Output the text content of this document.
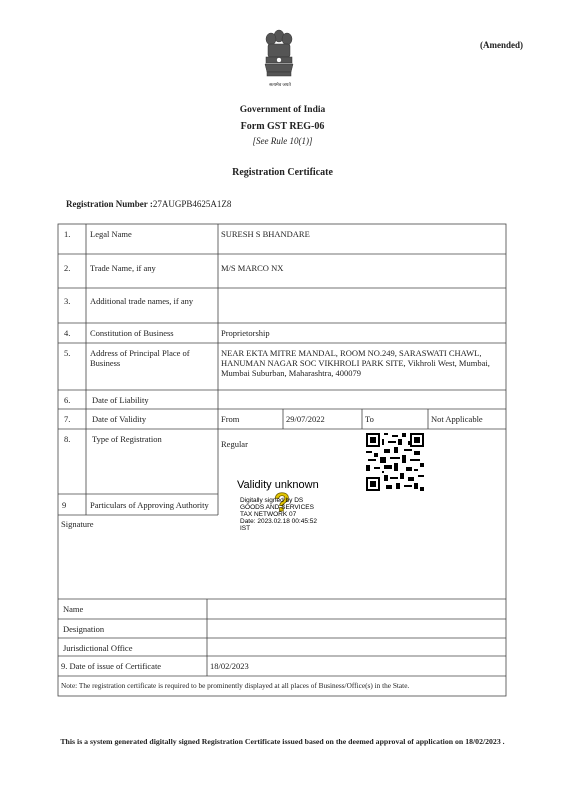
सत्यमेव जयते
(Amended)
Government of India
Form GST REG-06
[See Rule 10(1)]
Registration Certificate
Registration Number :27AUGPB4625A1Z8
1. Legal Name	SURESH S BHANDARE
2. Trade Name, if any	M/S MARCO NX
3. Additional trade names, if any
4. Constitution of Business	Proprietorship
5. Address of Principal Place of Business
NEAR EKTA MITRE MANDAL, ROOM NO.249, SARASWATI CHAWL, HANUMAN NAGAR SOC VIKHROLI PARK SITE, Vikhroli West, Mumbai, Mumbai Suburban, Maharashtra, 400079
6.	Date of Liability
7.	Date of Validity	From	29/07/2022	To	Not Applicable
8.	Type of Registration	Regular
9	Particulars of Approving Authority
Validity unknown
?
Digitally signed by DS
GOODS AND SERVICES
TAX NETWORK 07
Date: 2023.02.18 00:45:52
IST
Signature
Name
Designation
Jurisdictional Office
9. Date of issue of Certificate	18/02/2023
Note: The registration certificate is required to be prominently displayed at all places of Business/Office(s) in the State.
This is a system generated digitally signed Registration Certificate issued based on the deemed approval of application on 18/02/2023 .
